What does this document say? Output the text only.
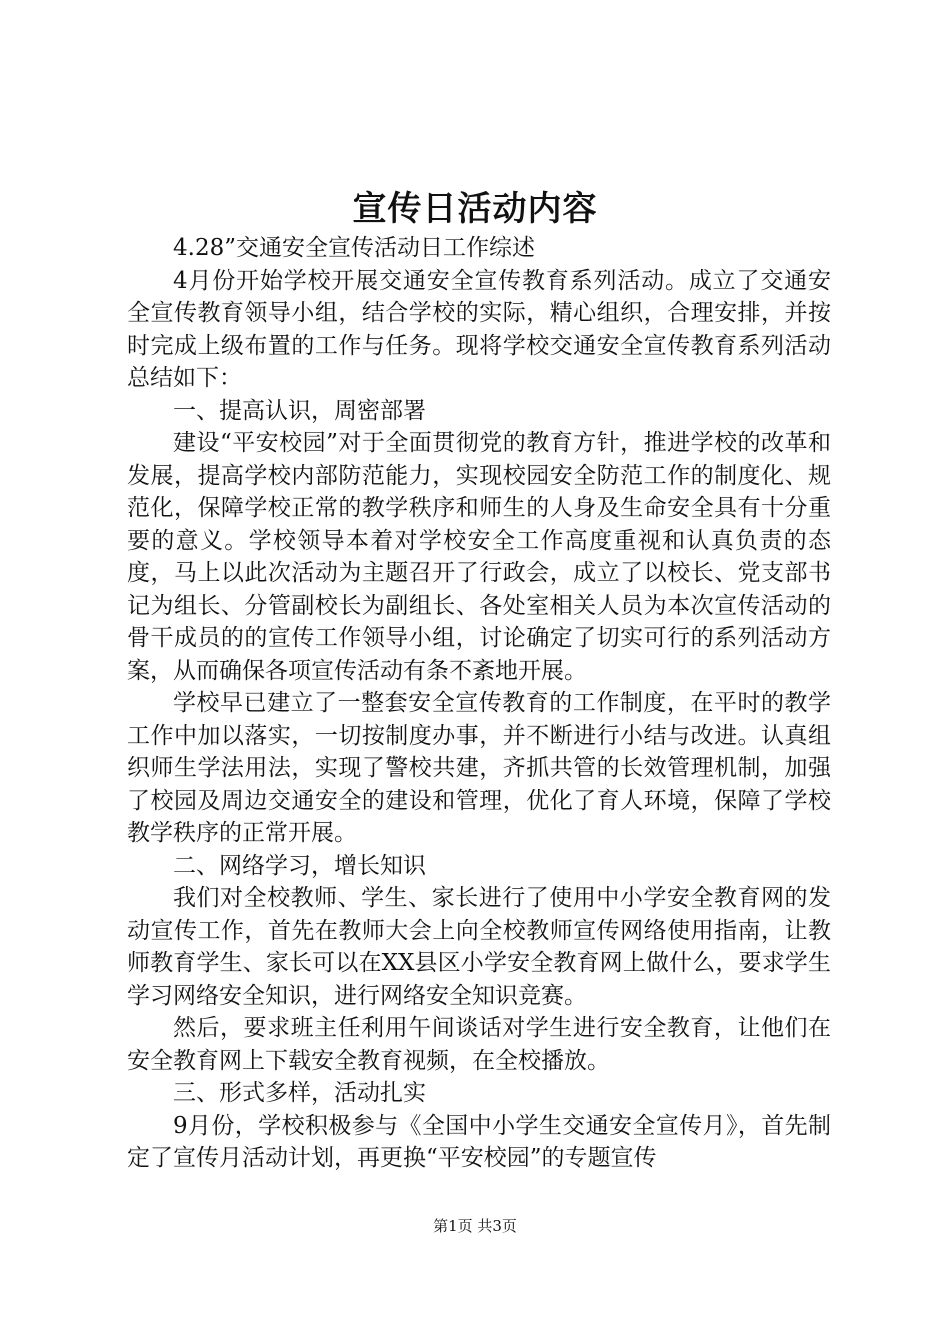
宣传日活动内容

4.28”交通安全宣传活动日工作综述

4月份开始学校开展交通安全宣传教育系列活动。成立了交通安全宣传教育领导小组，结合学校的实际，精心组织，合理安排，并按时完成上级布置的工作与任务。现将学校交通安全宣传教育系列活动总结如下：

一、提高认识，周密部署

建设“平安校园”对于全面贯彻党的教育方针，推进学校的改革和发展，提高学校内部防范能力，实现校园安全防范工作的制度化、规范化，保障学校正常的教学秩序和师生的人身及生命安全具有十分重要的意义。学校领导本着对学校安全工作高度重视和认真负责的态度，马上以此次活动为主题召开了行政会，成立了以校长、党支部书记为组长、分管副校长为副组长、各处室相关人员为本次宣传活动的骨干成员的的宣传工作领导小组，讨论确定了切实可行的系列活动方案，从而确保各项宣传活动有条不紊地开展。

学校早已建立了一整套安全宣传教育的工作制度，在平时的教学工作中加以落实，一切按制度办事，并不断进行小结与改进。认真组织师生学法用法，实现了警校共建，齐抓共管的长效管理机制，加强了校园及周边交通安全的建设和管理，优化了育人环境，保障了学校教学秩序的正常开展。

二、网络学习，增长知识

我们对全校教师、学生、家长进行了使用中小学安全教育网的发动宣传工作，首先在教师大会上向全校教师宣传网络使用指南，让教师教育学生、家长可以在XX县区小学安全教育网上做什么，要求学生学习网络安全知识，进行网络安全知识竞赛。

然后，要求班主任利用午间谈话对学生进行安全教育，让他们在安全教育网上下载安全教育视频，在全校播放。

三、形式多样，活动扎实

9月份，学校积极参与《全国中小学生交通安全宣传月》，首先制定了宣传月活动计划，再更换“平安校园”的专题宣传

第1页 共3页
